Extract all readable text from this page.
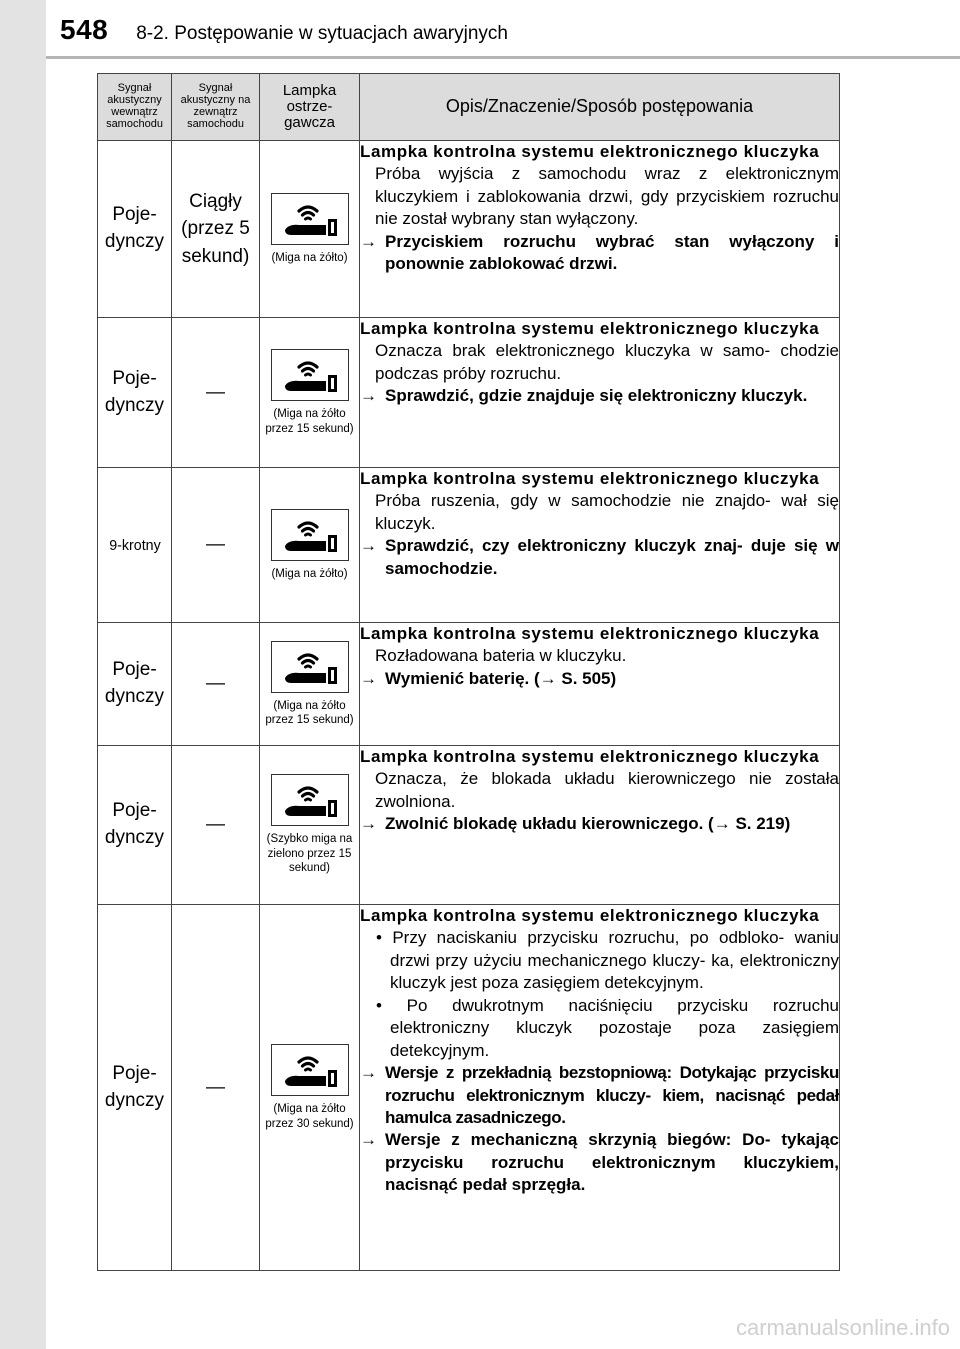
548 8-2. Postępowanie w sytuacjach awaryjnych
Sygnał akustyczny wewnątrz samochodu	Sygnał akustyczny na zewnątrz samochodu	Lampka ostrze- gawcza	Opis/Znaczenie/Sposób postępowania
Poje- dynczy	Ciągły (przez 5 sekund)	(Miga na żółto)	Lampka kontrolna systemu elektronicznego kluczyka
Próba wyjścia z samochodu wraz z elektronicznym kluczykiem i zablokowania drzwi, gdy przyciskiem rozruchu nie został wybrany stan wyłączony.
→ Przyciskiem rozruchu wybrać stan wyłączony i ponownie zablokować drzwi.

Poje- dynczy	—	(Miga na żółto przez 15 sekund)	Lampka kontrolna systemu elektronicznego kluczyka
Oznacza brak elektronicznego kluczyka w samo- chodzie podczas próby rozruchu.
→ Sprawdzić, gdzie znajduje się elektroniczny kluczyk.

9-krotny	—	(Miga na żółto)	Lampka kontrolna systemu elektronicznego kluczyka
Próba ruszenia, gdy w samochodzie nie znajdo- wał się kluczyk.
→ Sprawdzić, czy elektroniczny kluczyk znaj- duje się w samochodzie.

Poje- dynczy	—	(Miga na żółto przez 15 sekund)	Lampka kontrolna systemu elektronicznego kluczyka
Rozładowana bateria w kluczyku.
→ Wymienić baterię. (→ S. 505)

Poje- dynczy	—	(Szybko miga na zielono przez 15 sekund)	Lampka kontrolna systemu elektronicznego kluczyka
Oznacza, że blokada układu kierowniczego nie została zwolniona.
→ Zwolnić blokadę układu kierowniczego. (→ S. 219)

Poje- dynczy	—	(Miga na żółto przez 30 sekund)	Lampka kontrolna systemu elektronicznego kluczyka
• Przy naciskaniu przycisku rozruchu, po odbloko- waniu drzwi przy użyciu mechanicznego kluczy- ka, elektroniczny kluczyk jest poza zasięgiem detekcyjnym.
• Po dwukrotnym naciśnięciu przycisku rozruchu elektroniczny kluczyk pozostaje poza zasięgiem detekcyjnym.
→ Wersje z przekładnią bezstopniową: Dotykając przycisku rozruchu elektronicznym kluczy- kiem, nacisnąć pedał hamulca zasadniczego.
→ Wersje z mechaniczną skrzynią biegów: Do- tykając przycisku rozruchu elektronicznym kluczykiem, nacisnąć pedał sprzęgła.
carmanualsonline.info
